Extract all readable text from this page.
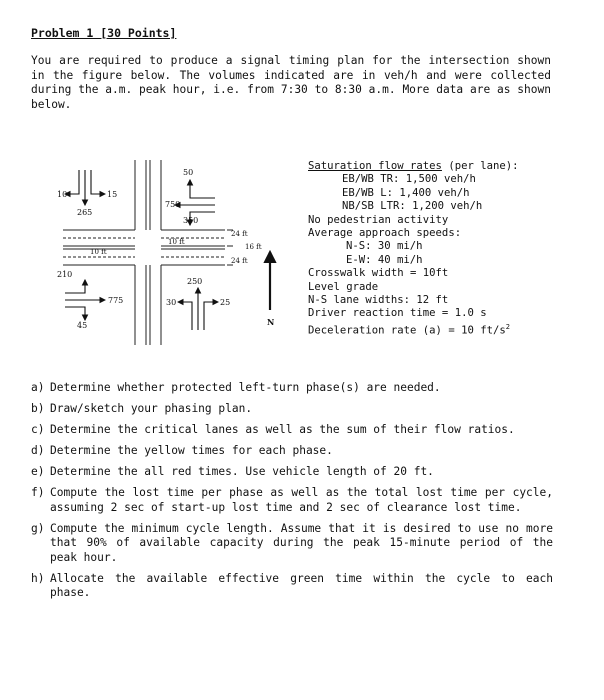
Problem 1 [30 Points]

You are required to produce a signal timing plan for the intersection shown in the figure below. The volumes indicated are in veh/h and were collected during the a.m. peak hour, i.e. from 7:30 to 8:30 a.m. More data are as shown below.

10	15
265
50
750
350
210
775
45
250
30	25
10 ft
10 ft
24 ft
16 ft
24 ft
N
Saturation flow rates (per lane):
EB/WB TR: 1,500 veh/h
EB/WB L: 1,400 veh/h
NB/SB LTR: 1,200 veh/h
No pedestrian activity
Average approach speeds:
N-S: 30 mi/h
E-W: 40 mi/h
Crosswalk width = 10ft
Level grade
N-S lane widths: 12 ft
Driver reaction time = 1.0 s
Deceleration rate (a) = 10 $ft/s^2$
a) Determine whether protected left-turn phase(s) are needed.
b) Draw/sketch your phasing plan.
c) Determine the critical lanes as well as the sum of their flow ratios.
d) Determine the yellow times for each phase.
e) Determine the all red times. Use vehicle length of 20 ft.
f) Compute the lost time per phase as well as the total lost time per cycle, assuming 2 sec of start-up lost time and 2 sec of clearance lost time.
g) Compute the minimum cycle length. Assume that it is desired to use no more that 90% of available capacity during the peak 15-minute period of the peak hour.
h) Allocate the available effective green time within the cycle to each phase.
